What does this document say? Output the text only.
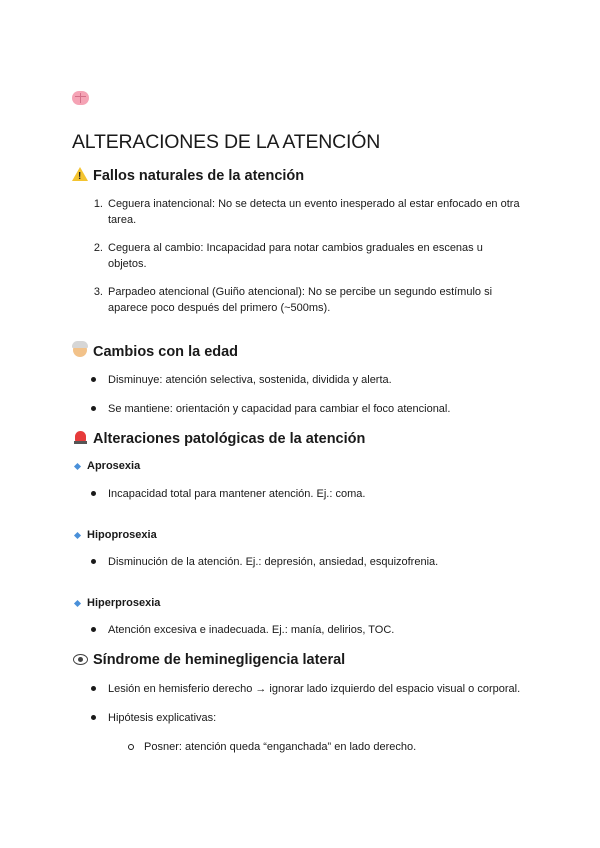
ALTERACIONES DE LA ATENCIÓN
!
Fallos naturales de la atención
1. Ceguera inatencional: No se detecta un evento inesperado al estar enfocado en otra
tarea.
2. Ceguera al cambio: Incapacidad para notar cambios graduales en escenas u
objetos.
3. Parpadeo atencional (Guiño atencional): No se percibe un segundo estímulo si
aparece poco después del primero (~500ms).
Cambios con la edad
Disminuye: atención selectiva, sostenida, dividida y alerta.
Se mantiene: orientación y capacidad para cambiar el foco atencional.
Alteraciones patológicas de la atención
Aprosexia
Incapacidad total para mantener atención. Ej.: coma.
Hipoprosexia
Disminución de la atención. Ej.: depresión, ansiedad, esquizofrenia.
Hiperprosexia
Atención excesiva e inadecuada. Ej.: manía, delirios, TOC.
Síndrome de heminegligencia lateral
Lesión en hemisferio derecho → ignorar lado izquierdo del espacio visual o corporal.
Hipótesis explicativas:
Posner: atención queda “enganchada” en lado derecho.
